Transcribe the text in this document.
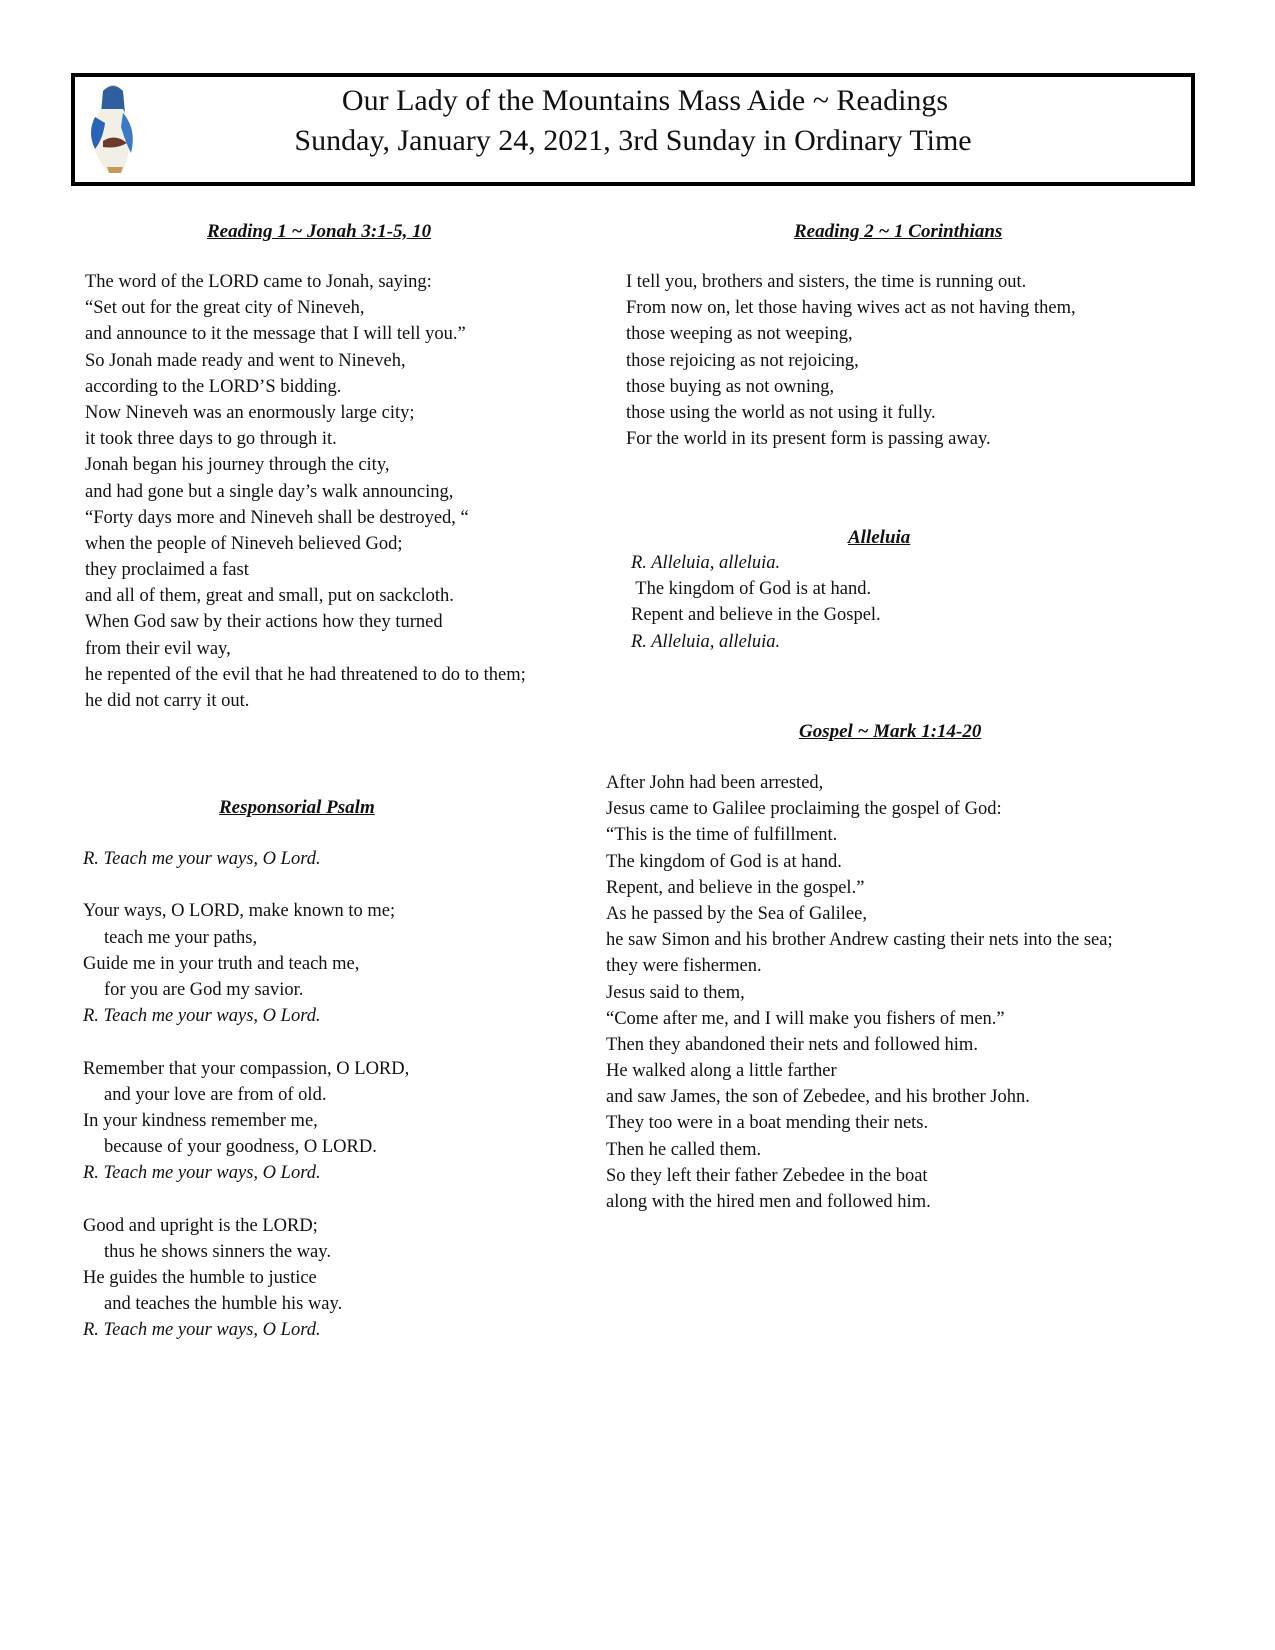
Our Lady of the Mountains Mass Aide ~ Readings
Sunday, January 24, 2021, 3rd Sunday in Ordinary Time
Reading 1 ~ Jonah 3:1-5, 10
The word of the LORD came to Jonah, saying:
“Set out for the great city of Nineveh,
and announce to it the message that I will tell you.”
So Jonah made ready and went to Nineveh,
according to the LORD’S bidding.
Now Nineveh was an enormously large city;
it took three days to go through it.
Jonah began his journey through the city,
and had gone but a single day’s walk announcing,
“Forty days more and Nineveh shall be destroyed, “
when the people of Nineveh believed God;
they proclaimed a fast
and all of them, great and small, put on sackcloth.
When God saw by their actions how they turned
from their evil way,
he repented of the evil that he had threatened to do to them;
he did not carry it out.
Responsorial Psalm
R. Teach me your ways, O Lord.
Your ways, O LORD, make known to me;
teach me your paths,
Guide me in your truth and teach me,
for you are God my savior.
R. Teach me your ways, O Lord.
Remember that your compassion, O LORD,
and your love are from of old.
In your kindness remember me,
because of your goodness, O LORD.
R. Teach me your ways, O Lord.
Good and upright is the LORD;
thus he shows sinners the way.
He guides the humble to justice
and teaches the humble his way.
R. Teach me your ways, O Lord.
Reading 2 ~ 1 Corinthians
I tell you, brothers and sisters, the time is running out.
From now on, let those having wives act as not having them,
those weeping as not weeping,
those rejoicing as not rejoicing,
those buying as not owning,
those using the world as not using it fully.
For the world in its present form is passing away.
Alleluia
R. Alleluia, alleluia.
The kingdom of God is at hand.
Repent and believe in the Gospel.
R. Alleluia, alleluia.
Gospel ~ Mark 1:14-20
After John had been arrested,
Jesus came to Galilee proclaiming the gospel of God:
“This is the time of fulfillment.
The kingdom of God is at hand.
Repent, and believe in the gospel.”
As he passed by the Sea of Galilee,
he saw Simon and his brother Andrew casting their nets into the sea;
they were fishermen.
Jesus said to them,
“Come after me, and I will make you fishers of men.”
Then they abandoned their nets and followed him.
He walked along a little farther
and saw James, the son of Zebedee, and his brother John.
They too were in a boat mending their nets.
Then he called them.
So they left their father Zebedee in the boat
along with the hired men and followed him.
